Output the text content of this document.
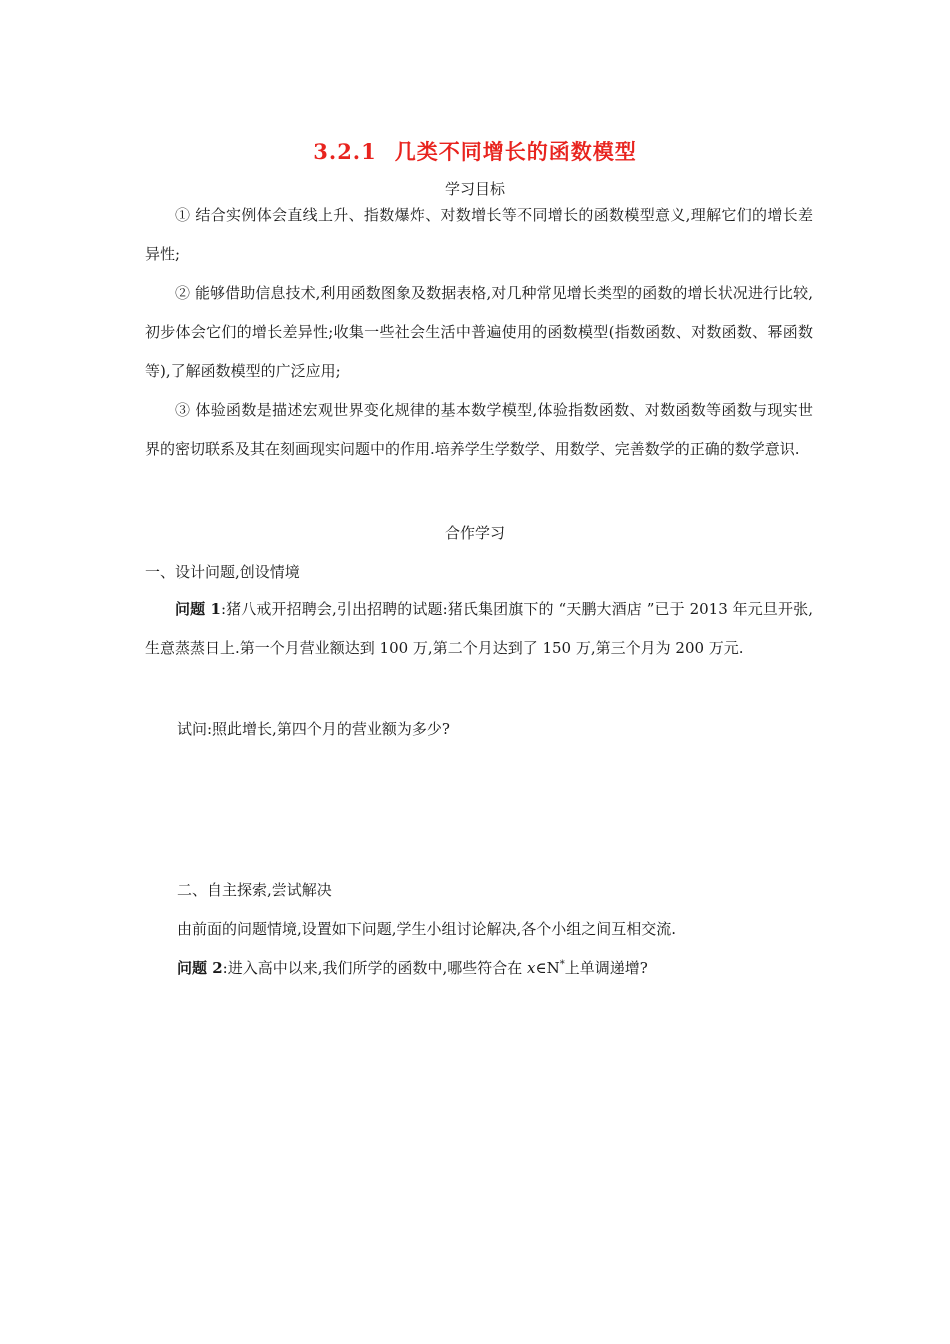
3.2.1 几类不同增长的函数模型
学习目标
① 结合实例体会直线上升、指数爆炸、对数增长等不同增长的函数模型意义,理解它们的增长差异性;
② 能够借助信息技术,利用函数图象及数据表格,对几种常见增长类型的函数的增长状况进行比较,初步体会它们的增长差异性;收集一些社会生活中普遍使用的函数模型(指数函数、对数函数、幂函数等),了解函数模型的广泛应用;
③ 体验函数是描述宏观世界变化规律的基本数学模型,体验指数函数、对数函数等函数与现实世界的密切联系及其在刻画现实问题中的作用.培养学生学数学、用数学、完善数学的正确的数学意识.
合作学习
一、设计问题,创设情境
问题 1:猪八戒开招聘会,引出招聘的试题:猪氏集团旗下的 “天鹏大酒店 ”已于 2013 年元旦开张,生意蒸蒸日上.第一个月营业额达到 100 万,第二个月达到了 150 万,第三个月为 200 万元.
试问:照此增长,第四个月的营业额为多少?
二、自主探索,尝试解决
由前面的问题情境,设置如下问题,学生小组讨论解决,各个小组之间互相交流.
问题 2:进入高中以来,我们所学的函数中,哪些符合在 x∈N*上单调递增?
